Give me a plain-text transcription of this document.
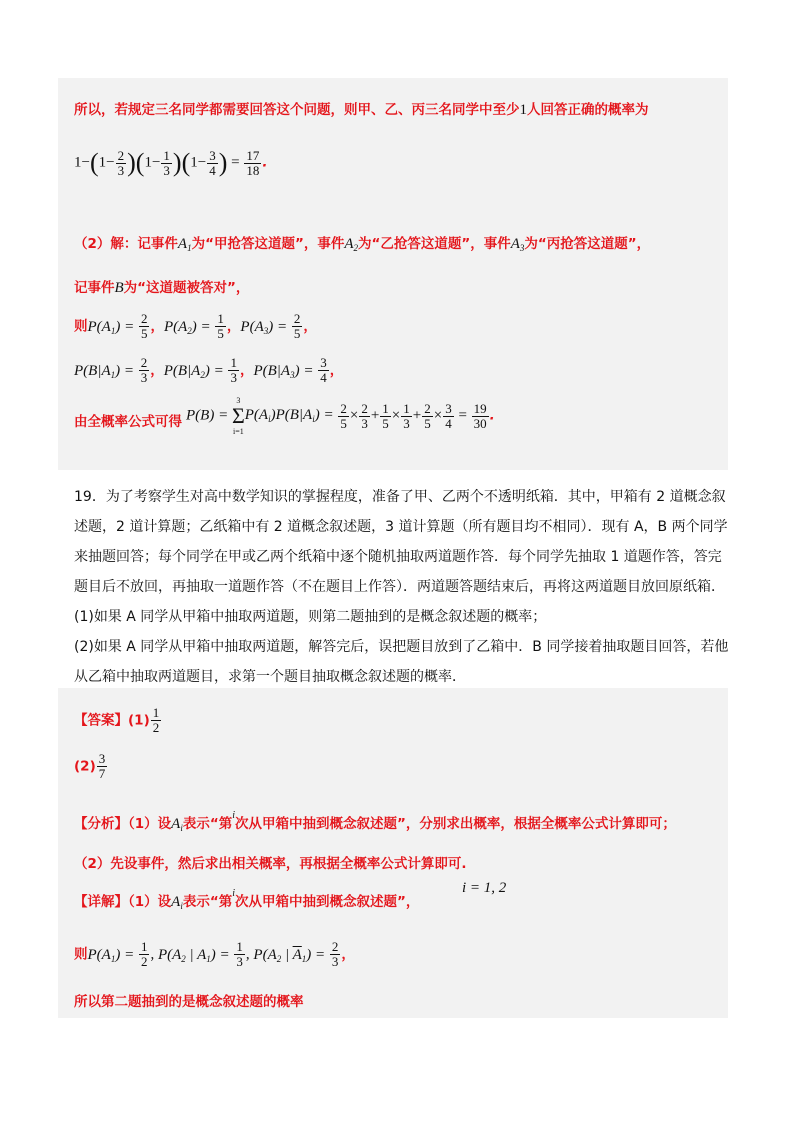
所以，若规定三名同学都需要回答这个问题，则甲、乙、丙三名同学中至少1人回答正确的概率为
$1-(1- \frac{2}{3} )(1- \frac{1}{3} )(1- \frac{3}{4}$ ) = $\frac{17}{18}$ .
（2）解：记事件$A_1$为“甲抢答这道题”，事件$A_2$为“乙抢答这道题”，事件$A_3$为“丙抢答这道题”，
记事件B为“这道题被答对”，
则$P(A_1) = \frac{2}{5}$ ，$P(A_2) = \frac{1}{5}$ ，$P(A_3) = \frac{2}{5}$ ，
$P(B|A_1) = \frac{2}{3}$ ，$P(B|A_2) = \frac{1}{3}$ ，$P(B|A_3) = \frac{3}{4}$ ，
由全概率公式可得 P(B) =
3
Σ
i=1
$P(A_i)P(B|A_i) = \frac{2}{5} \times \frac{2}{3} + \frac{1}{5} \times \frac{1}{3} + \frac{2}{5} \times \frac{3}{4} = \frac{19}{30}$ .
19．为了考察学生对高中数学知识的掌握程度，准备了甲、乙两个不透明纸箱．其中，甲箱有 2 道概念叙
述题，2 道计算题；乙纸箱中有 2 道概念叙述题，3 道计算题（所有题目均不相同）．现有 A，B 两个同学
来抽题回答；每个同学在甲或乙两个纸箱中逐个随机抽取两道题作答．每个同学先抽取 1 道题作答，答完
题目后不放回，再抽取一道题作答（不在题目上作答）．两道题答题结束后，再将这两道题目放回原纸箱．
(1)如果 A 同学从甲箱中抽取两道题，则第二题抽到的是概念叙述题的概率；
(2)如果 A 同学从甲箱中抽取两道题，解答完后，误把题目放到了乙箱中．B 同学接着抽取题目回答，若他
从乙箱中抽取两道题目，求第一个题目抽取概念叙述题的概率．
【答案】$(1) \frac{1}{2}$
$(2) \frac{3}{7}$
【分析】（1）设$A_i$表示“第$^i$次从甲箱中抽到概念叙述题”，分别求出概率，根据全概率公式计算即可；
（2）先设事件，然后求出相关概率，再根据全概率公式计算即可.
【详解】（1）设$A_i$表示“第$^i$次从甲箱中抽到概念叙述题”，
i = 1, 2
则$P(A_1) = \frac{1}{2}$ , $P(A_2$ | $A_1) = \frac{1}{3}$ , $P(A_2$ | $\overline{A}_1) = \frac{2}{3}$ ，
所以第二题抽到的是概念叙述题的概率
